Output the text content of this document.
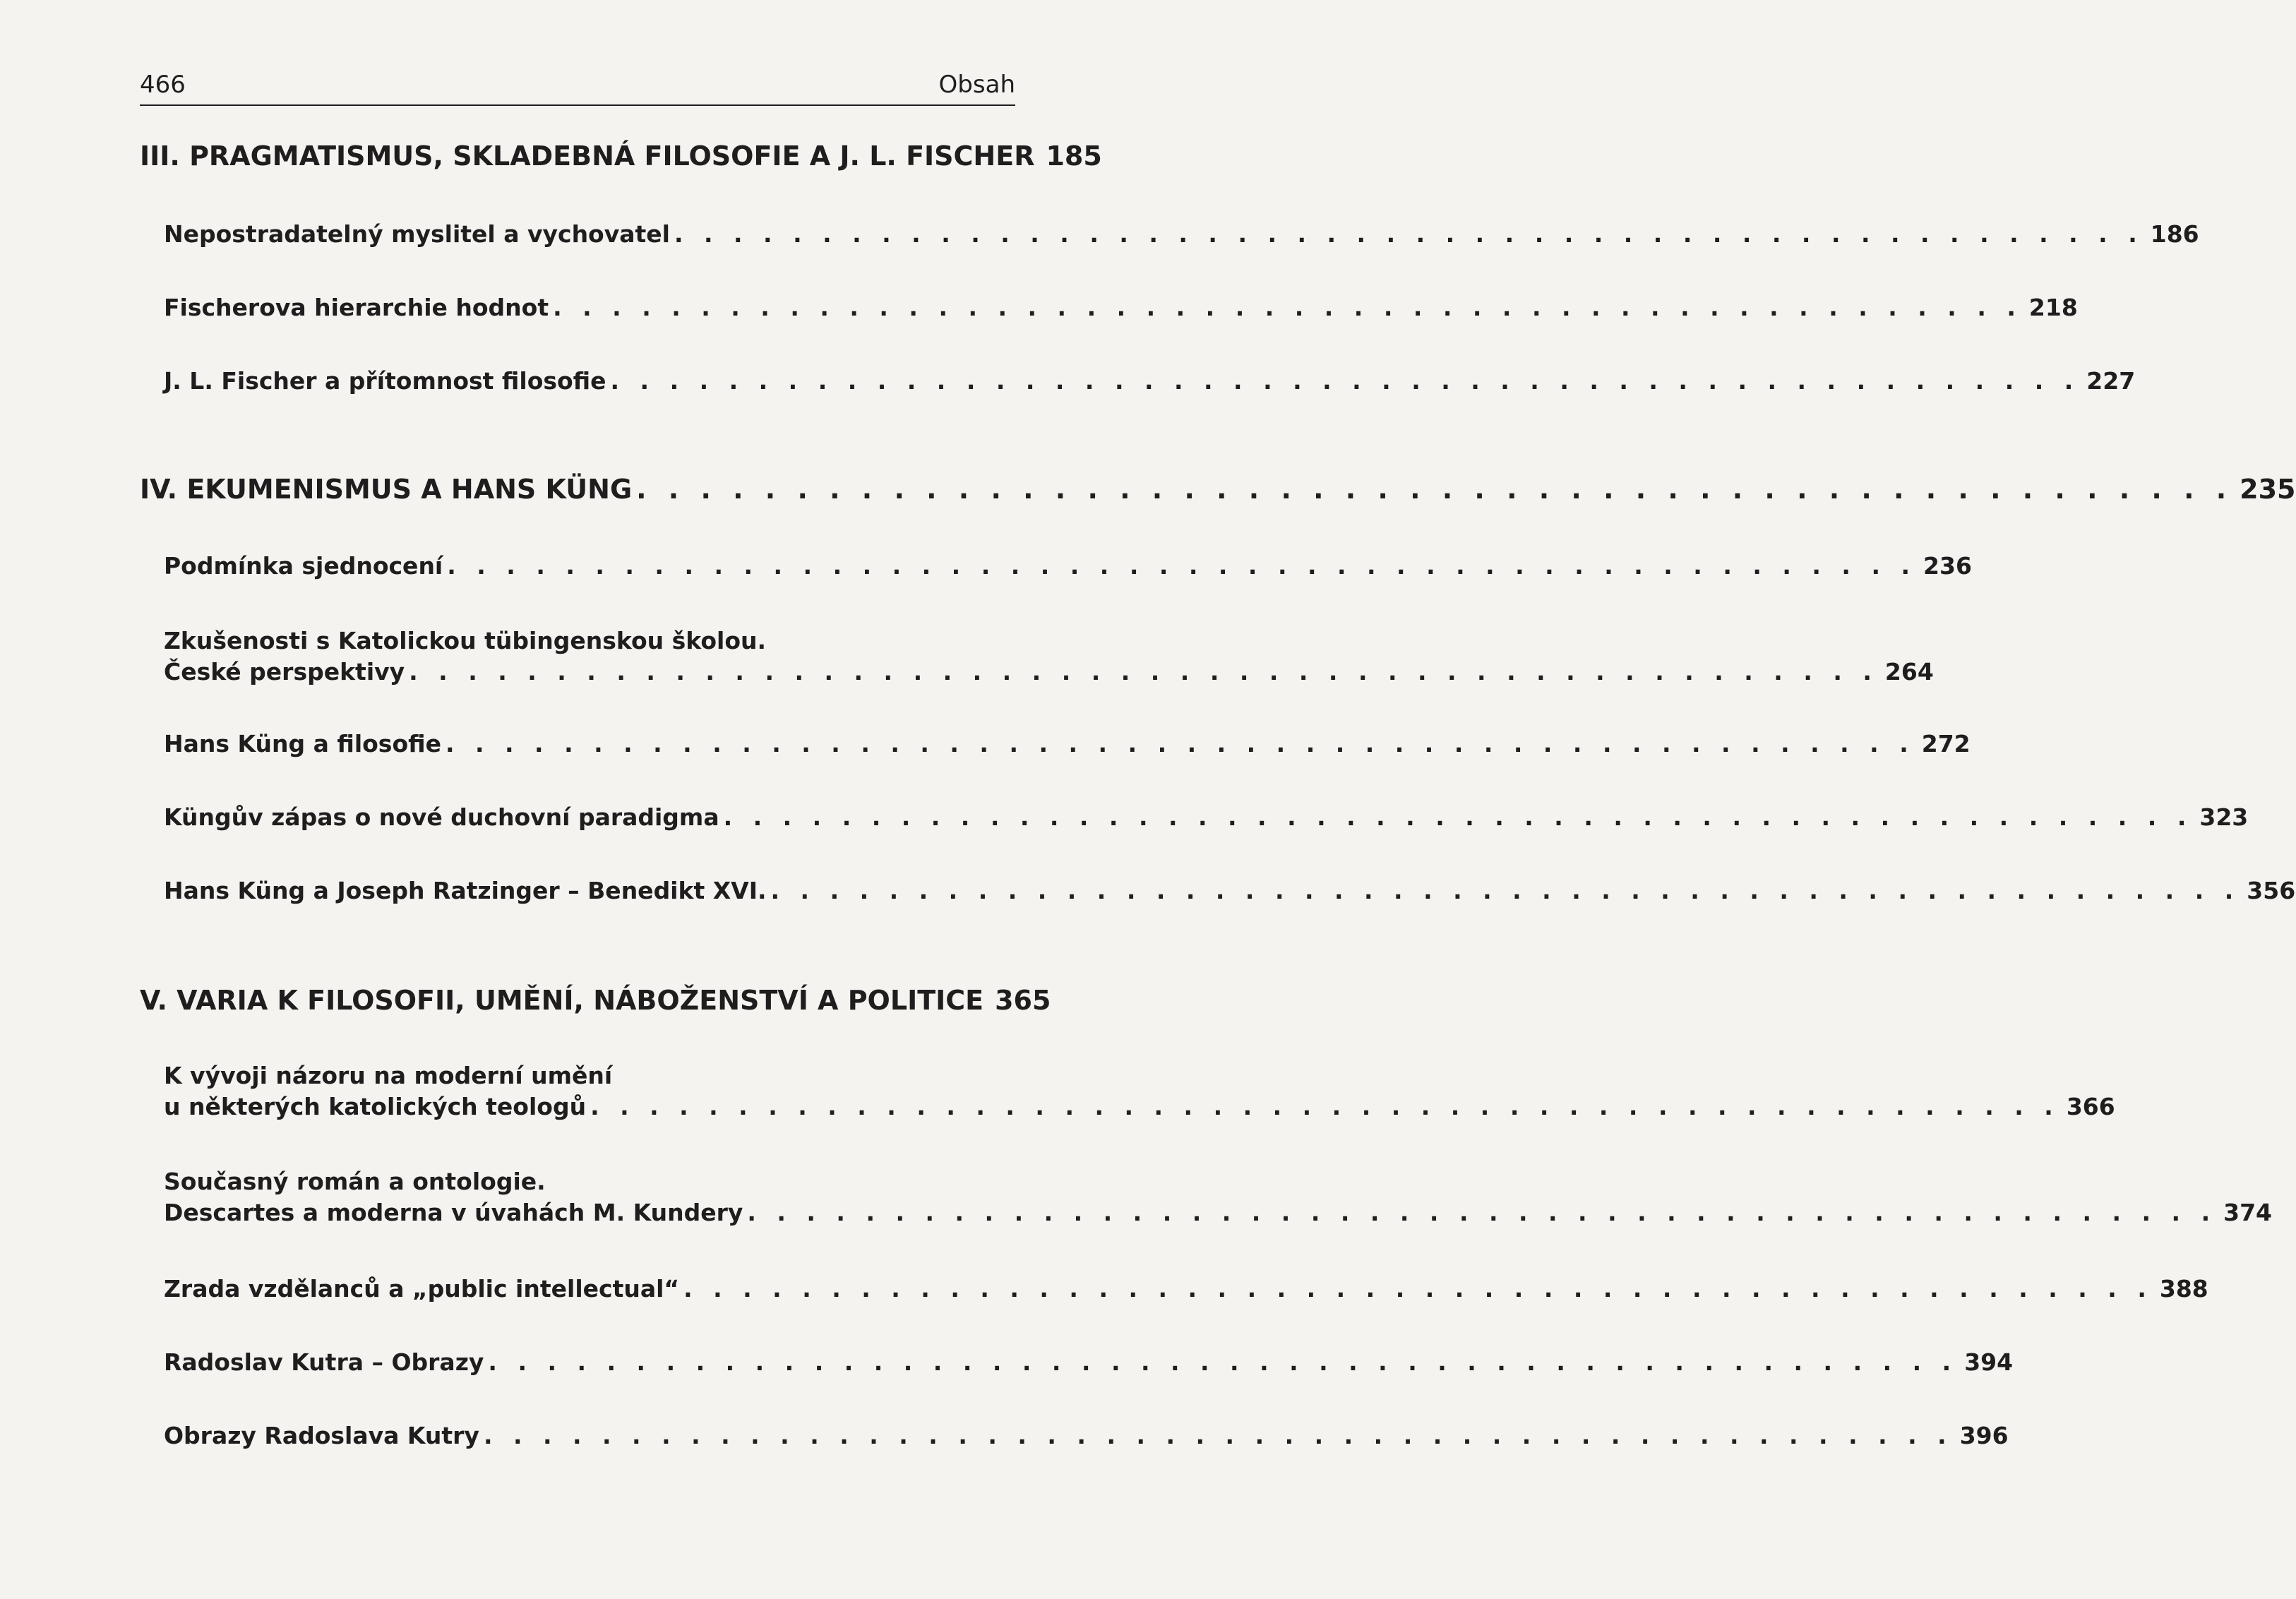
466	Obsah
III. PRAGMATISMUS, SKLADEBNÁ FILOSOFIE A J. L. FISCHER 185
Nepostradatelný myslitel a vychovatel . . . . . . . . . . . . . . . . . . . . . . . . . . . . . . . . . . . . . . . . . . . . . . . . . . 186
Fischerova hierarchie hodnot . . . . . . . . . . . . . . . . . . . . . . . . . . . . . . . . . . . . . . . . . . . . . . . . . . 218
J. L. Fischer a přítomnost filosofie . . . . . . . . . . . . . . . . . . . . . . . . . . . . . . . . . . . . . . . . . . . . . . . . . . 227
IV. EKUMENISMUS A HANS KÜNG . . . . . . . . . . . . . . . . . . . . . . . . . . . . . . . . . . . . . . . . . . . . . . . . . . 235
Podmínka sjednocení . . . . . . . . . . . . . . . . . . . . . . . . . . . . . . . . . . . . . . . . . . . . . . . . . . 236
Zkušenosti s Katolickou tübingenskou školou.
České perspektivy . . . . . . . . . . . . . . . . . . . . . . . . . . . . . . . . . . . . . . . . . . . . . . . . . . 264
Hans Küng a filosofie . . . . . . . . . . . . . . . . . . . . . . . . . . . . . . . . . . . . . . . . . . . . . . . . . . 272
Küngův zápas o nové duchovní paradigma . . . . . . . . . . . . . . . . . . . . . . . . . . . . . . . . . . . . . . . . . . . . . . . . . . 323
Hans Küng a Joseph Ratzinger – Benedikt XVI. . . . . . . . . . . . . . . . . . . . . . . . . . . . . . . . . . . . . . . . . . . . . . . . . . . 356
V. VARIA K FILOSOFII, UMĚNÍ, NÁBOŽENSTVÍ A POLITICE 365
K vývoji názoru na moderní umění
u některých katolických teologů . . . . . . . . . . . . . . . . . . . . . . . . . . . . . . . . . . . . . . . . . . . . . . . . . . 366
Současný román a ontologie.
Descartes a moderna v úvahách M. Kundery . . . . . . . . . . . . . . . . . . . . . . . . . . . . . . . . . . . . . . . . . . . . . . . . . . 374
Zrada vzdělanců a „public intellectual“ . . . . . . . . . . . . . . . . . . . . . . . . . . . . . . . . . . . . . . . . . . . . . . . . . . 388
Radoslav Kutra – Obrazy . . . . . . . . . . . . . . . . . . . . . . . . . . . . . . . . . . . . . . . . . . . . . . . . . . 394
Obrazy Radoslava Kutry . . . . . . . . . . . . . . . . . . . . . . . . . . . . . . . . . . . . . . . . . . . . . . . . . . 396
